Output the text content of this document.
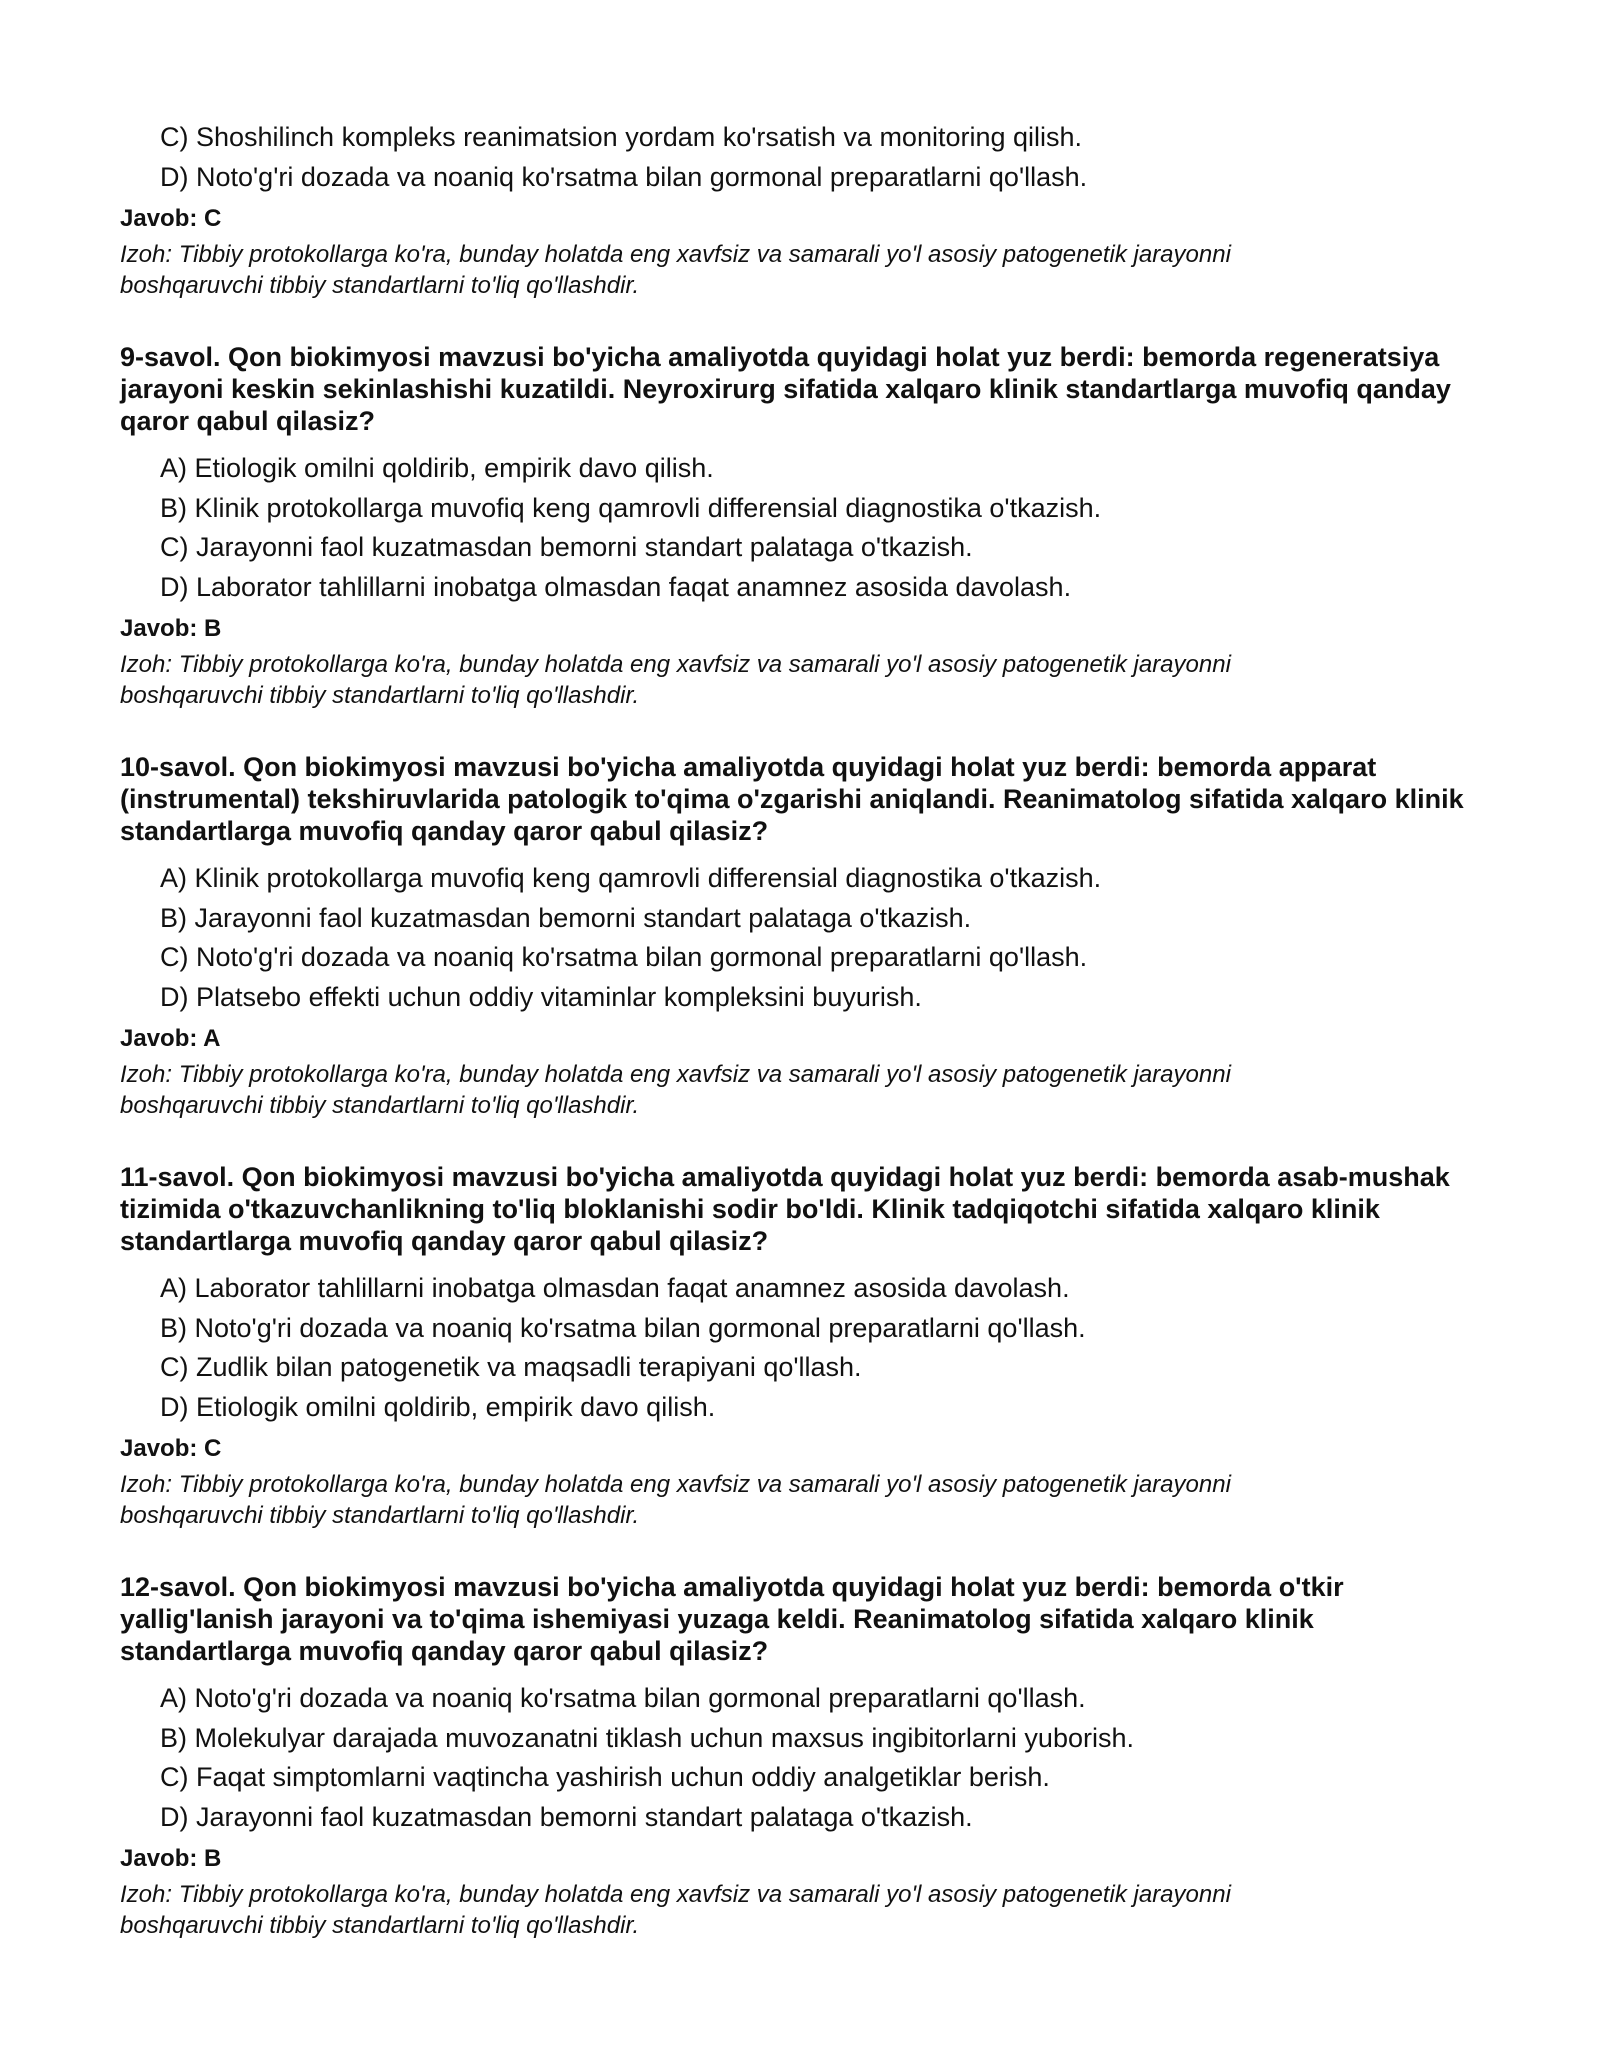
C) Shoshilinch kompleks reanimatsion yordam ko'rsatish va monitoring qilish.
D) Noto'g'ri dozada va noaniq ko'rsatma bilan gormonal preparatlarni qo'llash.
Javob: C
Izoh: Tibbiy protokollarga ko'ra, bunday holatda eng xavfsiz va samarali yo'l asosiy patogenetik jarayonni boshqaruvchi tibbiy standartlarni to'liq qo'llashdir.
9-savol. Qon biokimyosi mavzusi bo'yicha amaliyotda quyidagi holat yuz berdi: bemorda regeneratsiya jarayoni keskin sekinlashishi kuzatildi. Neyroxirurg sifatida xalqaro klinik standartlarga muvofiq qanday qaror qabul qilasiz?
A) Etiologik omilni qoldirib, empirik davo qilish.
B) Klinik protokollarga muvofiq keng qamrovli differensial diagnostika o'tkazish.
C) Jarayonni faol kuzatmasdan bemorni standart palataga o'tkazish.
D) Laborator tahlillarni inobatga olmasdan faqat anamnez asosida davolash.
Javob: B
Izoh: Tibbiy protokollarga ko'ra, bunday holatda eng xavfsiz va samarali yo'l asosiy patogenetik jarayonni boshqaruvchi tibbiy standartlarni to'liq qo'llashdir.
10-savol. Qon biokimyosi mavzusi bo'yicha amaliyotda quyidagi holat yuz berdi: bemorda apparat (instrumental) tekshiruvlarida patologik to'qima o'zgarishi aniqlandi. Reanimatolog sifatida xalqaro klinik standartlarga muvofiq qanday qaror qabul qilasiz?
A) Klinik protokollarga muvofiq keng qamrovli differensial diagnostika o'tkazish.
B) Jarayonni faol kuzatmasdan bemorni standart palataga o'tkazish.
C) Noto'g'ri dozada va noaniq ko'rsatma bilan gormonal preparatlarni qo'llash.
D) Platsebo effekti uchun oddiy vitaminlar kompleksini buyurish.
Javob: A
Izoh: Tibbiy protokollarga ko'ra, bunday holatda eng xavfsiz va samarali yo'l asosiy patogenetik jarayonni boshqaruvchi tibbiy standartlarni to'liq qo'llashdir.
11-savol. Qon biokimyosi mavzusi bo'yicha amaliyotda quyidagi holat yuz berdi: bemorda asab-mushak tizimida o'tkazuvchanlikning to'liq bloklanishi sodir bo'ldi. Klinik tadqiqotchi sifatida xalqaro klinik standartlarga muvofiq qanday qaror qabul qilasiz?
A) Laborator tahlillarni inobatga olmasdan faqat anamnez asosida davolash.
B) Noto'g'ri dozada va noaniq ko'rsatma bilan gormonal preparatlarni qo'llash.
C) Zudlik bilan patogenetik va maqsadli terapiyani qo'llash.
D) Etiologik omilni qoldirib, empirik davo qilish.
Javob: C
Izoh: Tibbiy protokollarga ko'ra, bunday holatda eng xavfsiz va samarali yo'l asosiy patogenetik jarayonni boshqaruvchi tibbiy standartlarni to'liq qo'llashdir.
12-savol. Qon biokimyosi mavzusi bo'yicha amaliyotda quyidagi holat yuz berdi: bemorda o'tkir yallig'lanish jarayoni va to'qima ishemiyasi yuzaga keldi. Reanimatolog sifatida xalqaro klinik standartlarga muvofiq qanday qaror qabul qilasiz?
A) Noto'g'ri dozada va noaniq ko'rsatma bilan gormonal preparatlarni qo'llash.
B) Molekulyar darajada muvozanatni tiklash uchun maxsus ingibitorlarni yuborish.
C) Faqat simptomlarni vaqtincha yashirish uchun oddiy analgetiklar berish.
D) Jarayonni faol kuzatmasdan bemorni standart palataga o'tkazish.
Javob: B
Izoh: Tibbiy protokollarga ko'ra, bunday holatda eng xavfsiz va samarali yo'l asosiy patogenetik jarayonni boshqaruvchi tibbiy standartlarni to'liq qo'llashdir.
